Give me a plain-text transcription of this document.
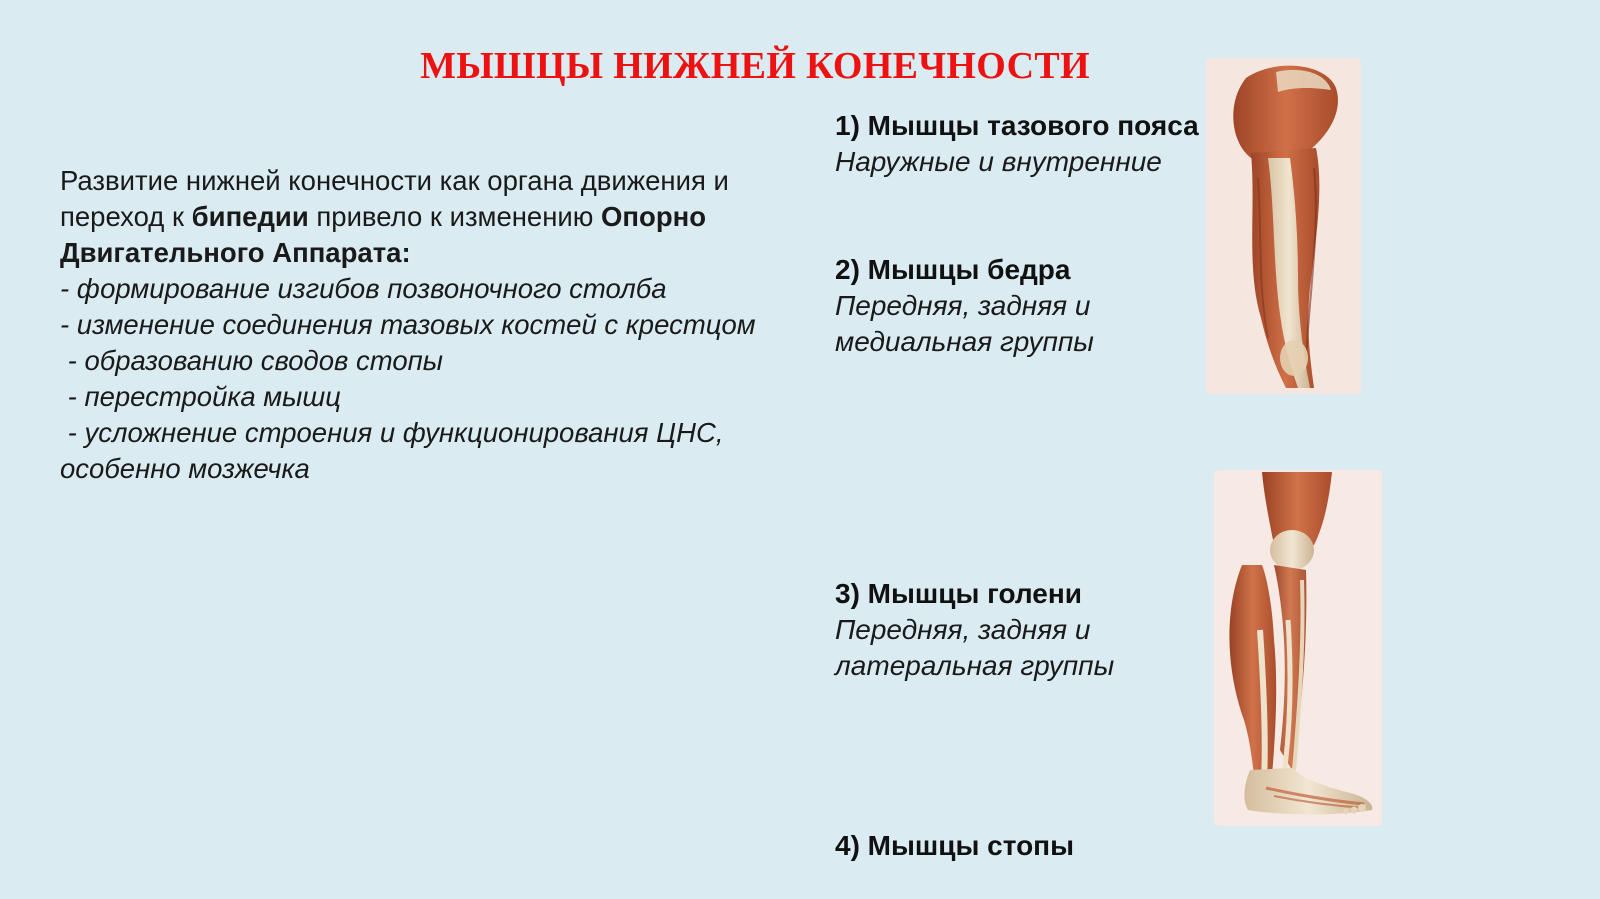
МЫШЦЫ НИЖНЕЙ КОНЕЧНОСТИ

Развитие нижней конечности как органа движения и переход к бипедии привело к изменению Опорно Двигательного Аппарата:

- формирование изгибов позвоночного столба

- изменение соединения тазовых костей с крестцом

- образованию сводов стопы

- перестройка мышц

- усложнение строения и функционирования ЦНС, особенно мозжечка

1) Мышцы тазового пояса
Наружные и внутренние
2) Мышцы бедра
Передняя, задняя и медиальная группы
3) Мышцы голени
Передняя, задняя и латеральная группы
4) Мышцы стопы
